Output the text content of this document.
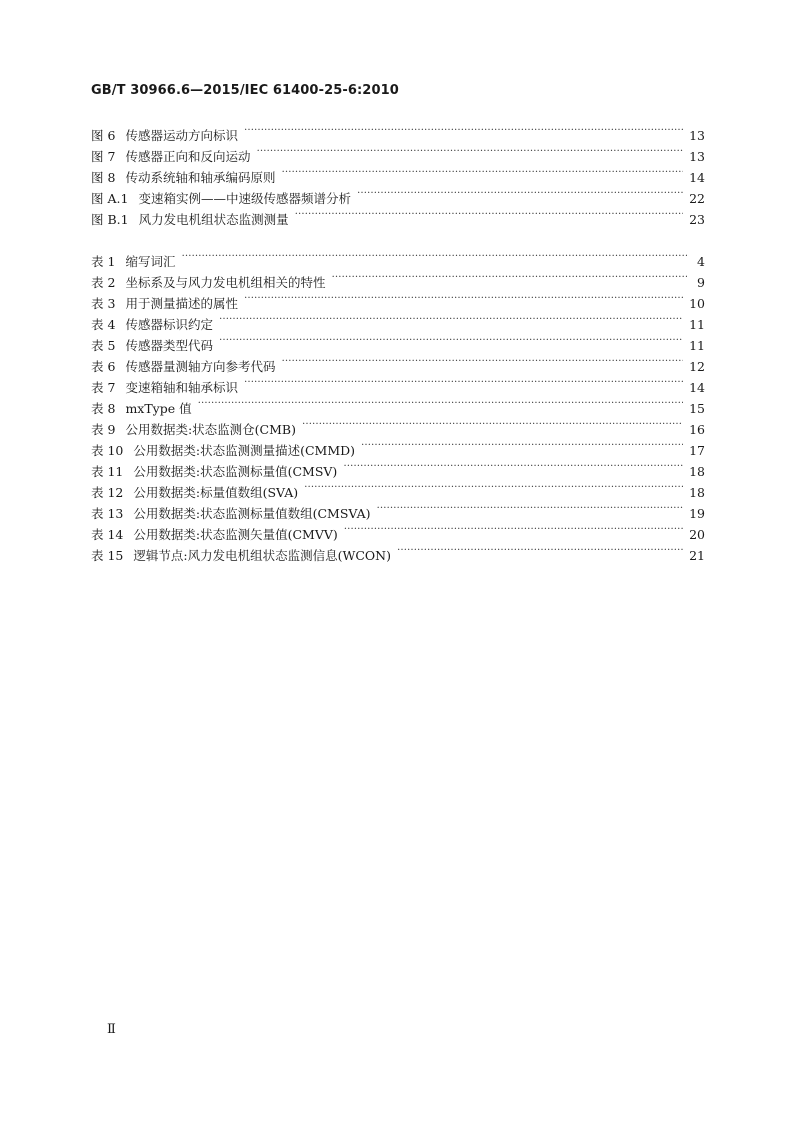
GB/T 30966.6—2015/IEC 61400-25-6:2010
图 6 传感器运动方向标识 …………………………………………………………………………………………………………………………………………………………………………………………………………………………	13
图 7 传感器正向和反向运动 …………………………………………………………………………………………………………………………………………………………………………………………………………………………	13
图 8 传动系统轴和轴承编码原则 …………………………………………………………………………………………………………………………………………………………………………………………………………………………	14
图 A.1 变速箱实例——中速级传感器频谱分析 …………………………………………………………………………………………………………………………………………………………………………………………………………………………	22
图 B.1 风力发电机组状态监测测量 …………………………………………………………………………………………………………………………………………………………………………………………………………………………	23
表 1 缩写词汇 …………………………………………………………………………………………………………………………………………………………………………………………………………………………	4
表 2 坐标系及与风力发电机组相关的特性 …………………………………………………………………………………………………………………………………………………………………………………………………………………………	9
表 3 用于测量描述的属性 …………………………………………………………………………………………………………………………………………………………………………………………………………………………	10
表 4 传感器标识约定 …………………………………………………………………………………………………………………………………………………………………………………………………………………………	11
表 5 传感器类型代码 …………………………………………………………………………………………………………………………………………………………………………………………………………………………	11
表 6 传感器量测轴方向参考代码 …………………………………………………………………………………………………………………………………………………………………………………………………………………………	12
表 7 变速箱轴和轴承标识 …………………………………………………………………………………………………………………………………………………………………………………………………………………………	14
表 8 mxType 值 …………………………………………………………………………………………………………………………………………………………………………………………………………………………	15
表 9 公用数据类:状态监测仓(CMB) …………………………………………………………………………………………………………………………………………………………………………………………………………………………	16
表 10 公用数据类:状态监测测量描述(CMMD) …………………………………………………………………………………………………………………………………………………………………………………………………………………………	17
表 11 公用数据类:状态监测标量值(CMSV) …………………………………………………………………………………………………………………………………………………………………………………………………………………………	18
表 12 公用数据类:标量值数组(SVA) …………………………………………………………………………………………………………………………………………………………………………………………………………………………	18
表 13 公用数据类:状态监测标量值数组(CMSVA) …………………………………………………………………………………………………………………………………………………………………………………………………………………………	19
表 14 公用数据类:状态监测矢量值(CMVV) …………………………………………………………………………………………………………………………………………………………………………………………………………………………	20
表 15 逻辑节点:风力发电机组状态监测信息(WCON) …………………………………………………………………………………………………………………………………………………………………………………………………………………………	21
Ⅱ
